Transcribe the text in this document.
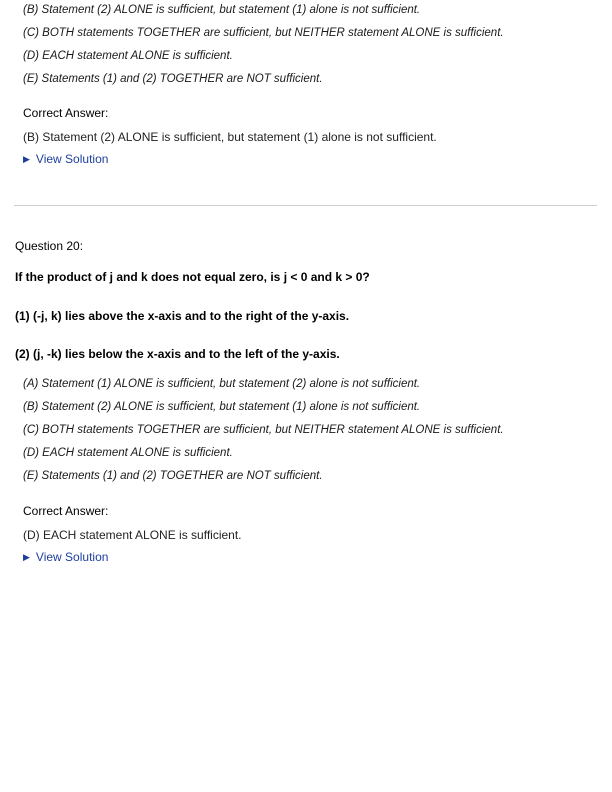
(B) Statement (2) ALONE is sufficient, but statement (1) alone is not sufficient.
(C) BOTH statements TOGETHER are sufficient, but NEITHER statement ALONE is sufficient.
(D) EACH statement ALONE is sufficient.
(E) Statements (1) and (2) TOGETHER are NOT sufficient.
Correct Answer:
(B) Statement (2) ALONE is sufficient, but statement (1) alone is not sufficient.
▶ View Solution
Question 20:
If the product of j and k does not equal zero, is j < 0 and k > 0?
(1) (-j, k) lies above the x-axis and to the right of the y-axis.
(2) (j, -k) lies below the x-axis and to the left of the y-axis.
(A) Statement (1) ALONE is sufficient, but statement (2) alone is not sufficient.
(B) Statement (2) ALONE is sufficient, but statement (1) alone is not sufficient.
(C) BOTH statements TOGETHER are sufficient, but NEITHER statement ALONE is sufficient.
(D) EACH statement ALONE is sufficient.
(E) Statements (1) and (2) TOGETHER are NOT sufficient.
Correct Answer:
(D) EACH statement ALONE is sufficient.
▶ View Solution
